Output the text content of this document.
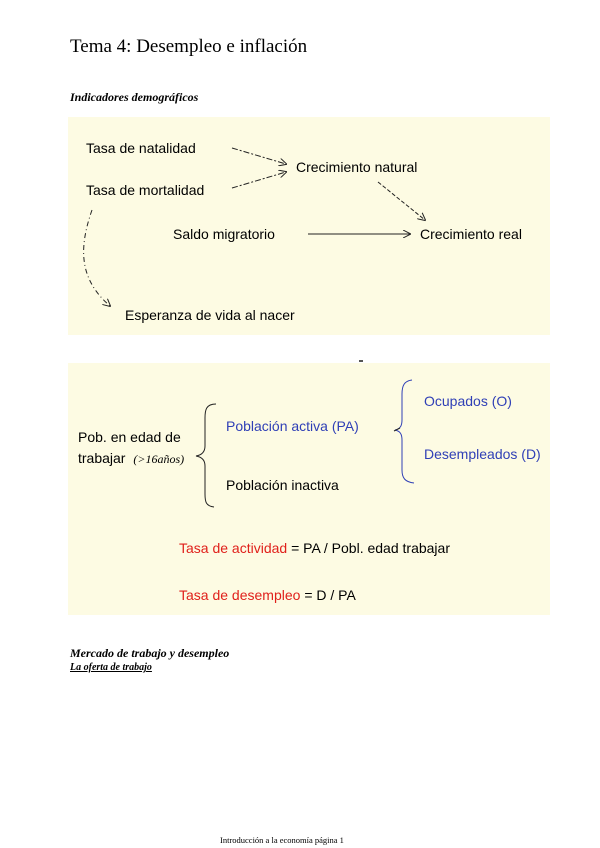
Tema 4: Desempleo e inflación
Indicadores demográficos
Tasa de natalidad
Tasa de mortalidad
Crecimiento natural
Saldo migratorio	Crecimiento real
Esperanza de vida al nacer
Pob. en edad de
trabajar (>16años)
Población activa (PA)
Población inactiva
Ocupados (O)
Desempleados (D)
Tasa de actividad = PA / Pobl. edad trabajar
Tasa de desempleo = D / PA
Mercado de trabajo y desempleo
La oferta de trabajo
Introducción a la economía página 1
